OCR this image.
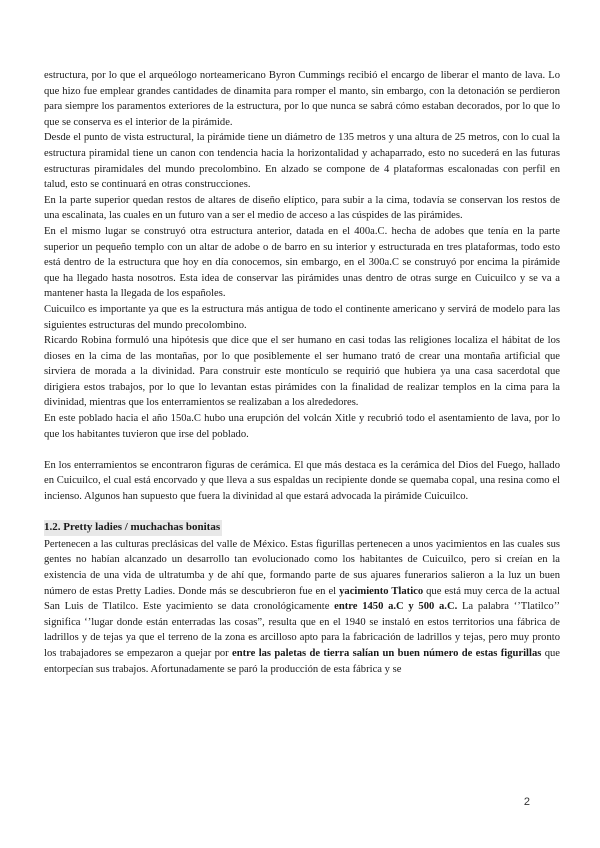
estructura, por lo que el arqueólogo norteamericano Byron Cummings recibió el encargo de liberar el manto de lava. Lo que hizo fue emplear grandes cantidades de dinamita para romper el manto, sin embargo, con la detonación se perdieron para siempre los paramentos exteriores de la estructura, por lo que nunca se sabrá cómo estaban decorados, por lo que lo que se conserva es el interior de la pirámide.

Desde el punto de vista estructural, la pirámide tiene un diámetro de 135 metros y una altura de 25 metros, con lo cual la estructura piramidal tiene un canon con tendencia hacia la horizontalidad y achaparrado, esto no sucederá en las futuras estructuras piramidales del mundo precolombino. En alzado se compone de 4 plataformas escalonadas con perfil en talud, esto se continuará en otras construcciones.

En la parte superior quedan restos de altares de diseño elíptico, para subir a la cima, todavía se conservan los restos de una escalinata, las cuales en un futuro van a ser el medio de acceso a las cúspides de las pirámides.

En el mismo lugar se construyó otra estructura anterior, datada en el 400a.C. hecha de adobes que tenía en la parte superior un pequeño templo con un altar de adobe o de barro en su interior y estructurada en tres plataformas, todo esto está dentro de la estructura que hoy en día conocemos, sin embargo, en el 300a.C se construyó por encima la pirámide que ha llegado hasta nosotros. Esta idea de conservar las pirámides unas dentro de otras surge en Cuicuilco y se va a mantener hasta la llegada de los españoles.

Cuicuilco es importante ya que es la estructura más antigua de todo el continente americano y servirá de modelo para las siguientes estructuras del mundo precolombino.

Ricardo Robina formuló una hipótesis que dice que el ser humano en casi todas las religiones localiza el hábitat de los dioses en la cima de las montañas, por lo que posiblemente el ser humano trató de crear una montaña artificial que sirviera de morada a la divinidad. Para construir este montículo se requirió que hubiera ya una casa sacerdotal que dirigiera estos trabajos, por lo que lo levantan estas pirámides con la finalidad de realizar templos en la cima para la divinidad, mientras que los enterramientos se realizaban a los alrededores.

En este poblado hacia el año 150a.C hubo una erupción del volcán Xitle y recubrió todo el asentamiento de lava, por lo que los habitantes tuvieron que irse del poblado.

En los enterramientos se encontraron figuras de cerámica. El que más destaca es la cerámica del Dios del Fuego, hallado en Cuicuilco, el cual está encorvado y que lleva a sus espaldas un recipiente donde se quemaba copal, una resina como el incienso. Algunos han supuesto que fuera la divinidad al que estará advocada la pirámide Cuicuilco.

1.2. Pretty ladies / muchachas bonitas

Pertenecen a las culturas preclásicas del valle de México. Estas figurillas pertenecen a unos yacimientos en las cuales sus gentes no habían alcanzado un desarrollo tan evolucionado como los habitantes de Cuicuilco, pero si creían en la existencia de una vida de ultratumba y de ahí que, formando parte de sus ajuares funerarios salieron a la luz un buen número de estas Pretty Ladies. Donde más se descubrieron fue en el yacimiento Tlatico que está muy cerca de la actual San Luis de Tlatilco. Este yacimiento se data cronológicamente entre 1450 a.C y 500 a.C. La palabra ‘’Tlatilco’’ significa ‘’lugar donde están enterradas las cosas”, resulta que en el 1940 se instaló en estos territorios una fábrica de ladrillos y de tejas ya que el terreno de la zona es arcilloso apto para la fabricación de ladrillos y tejas, pero muy pronto los trabajadores se empezaron a quejar por entre las paletas de tierra salían un buen número de estas figurillas que entorpecían sus trabajos. Afortunadamente se paró la producción de esta fábrica y se

2
